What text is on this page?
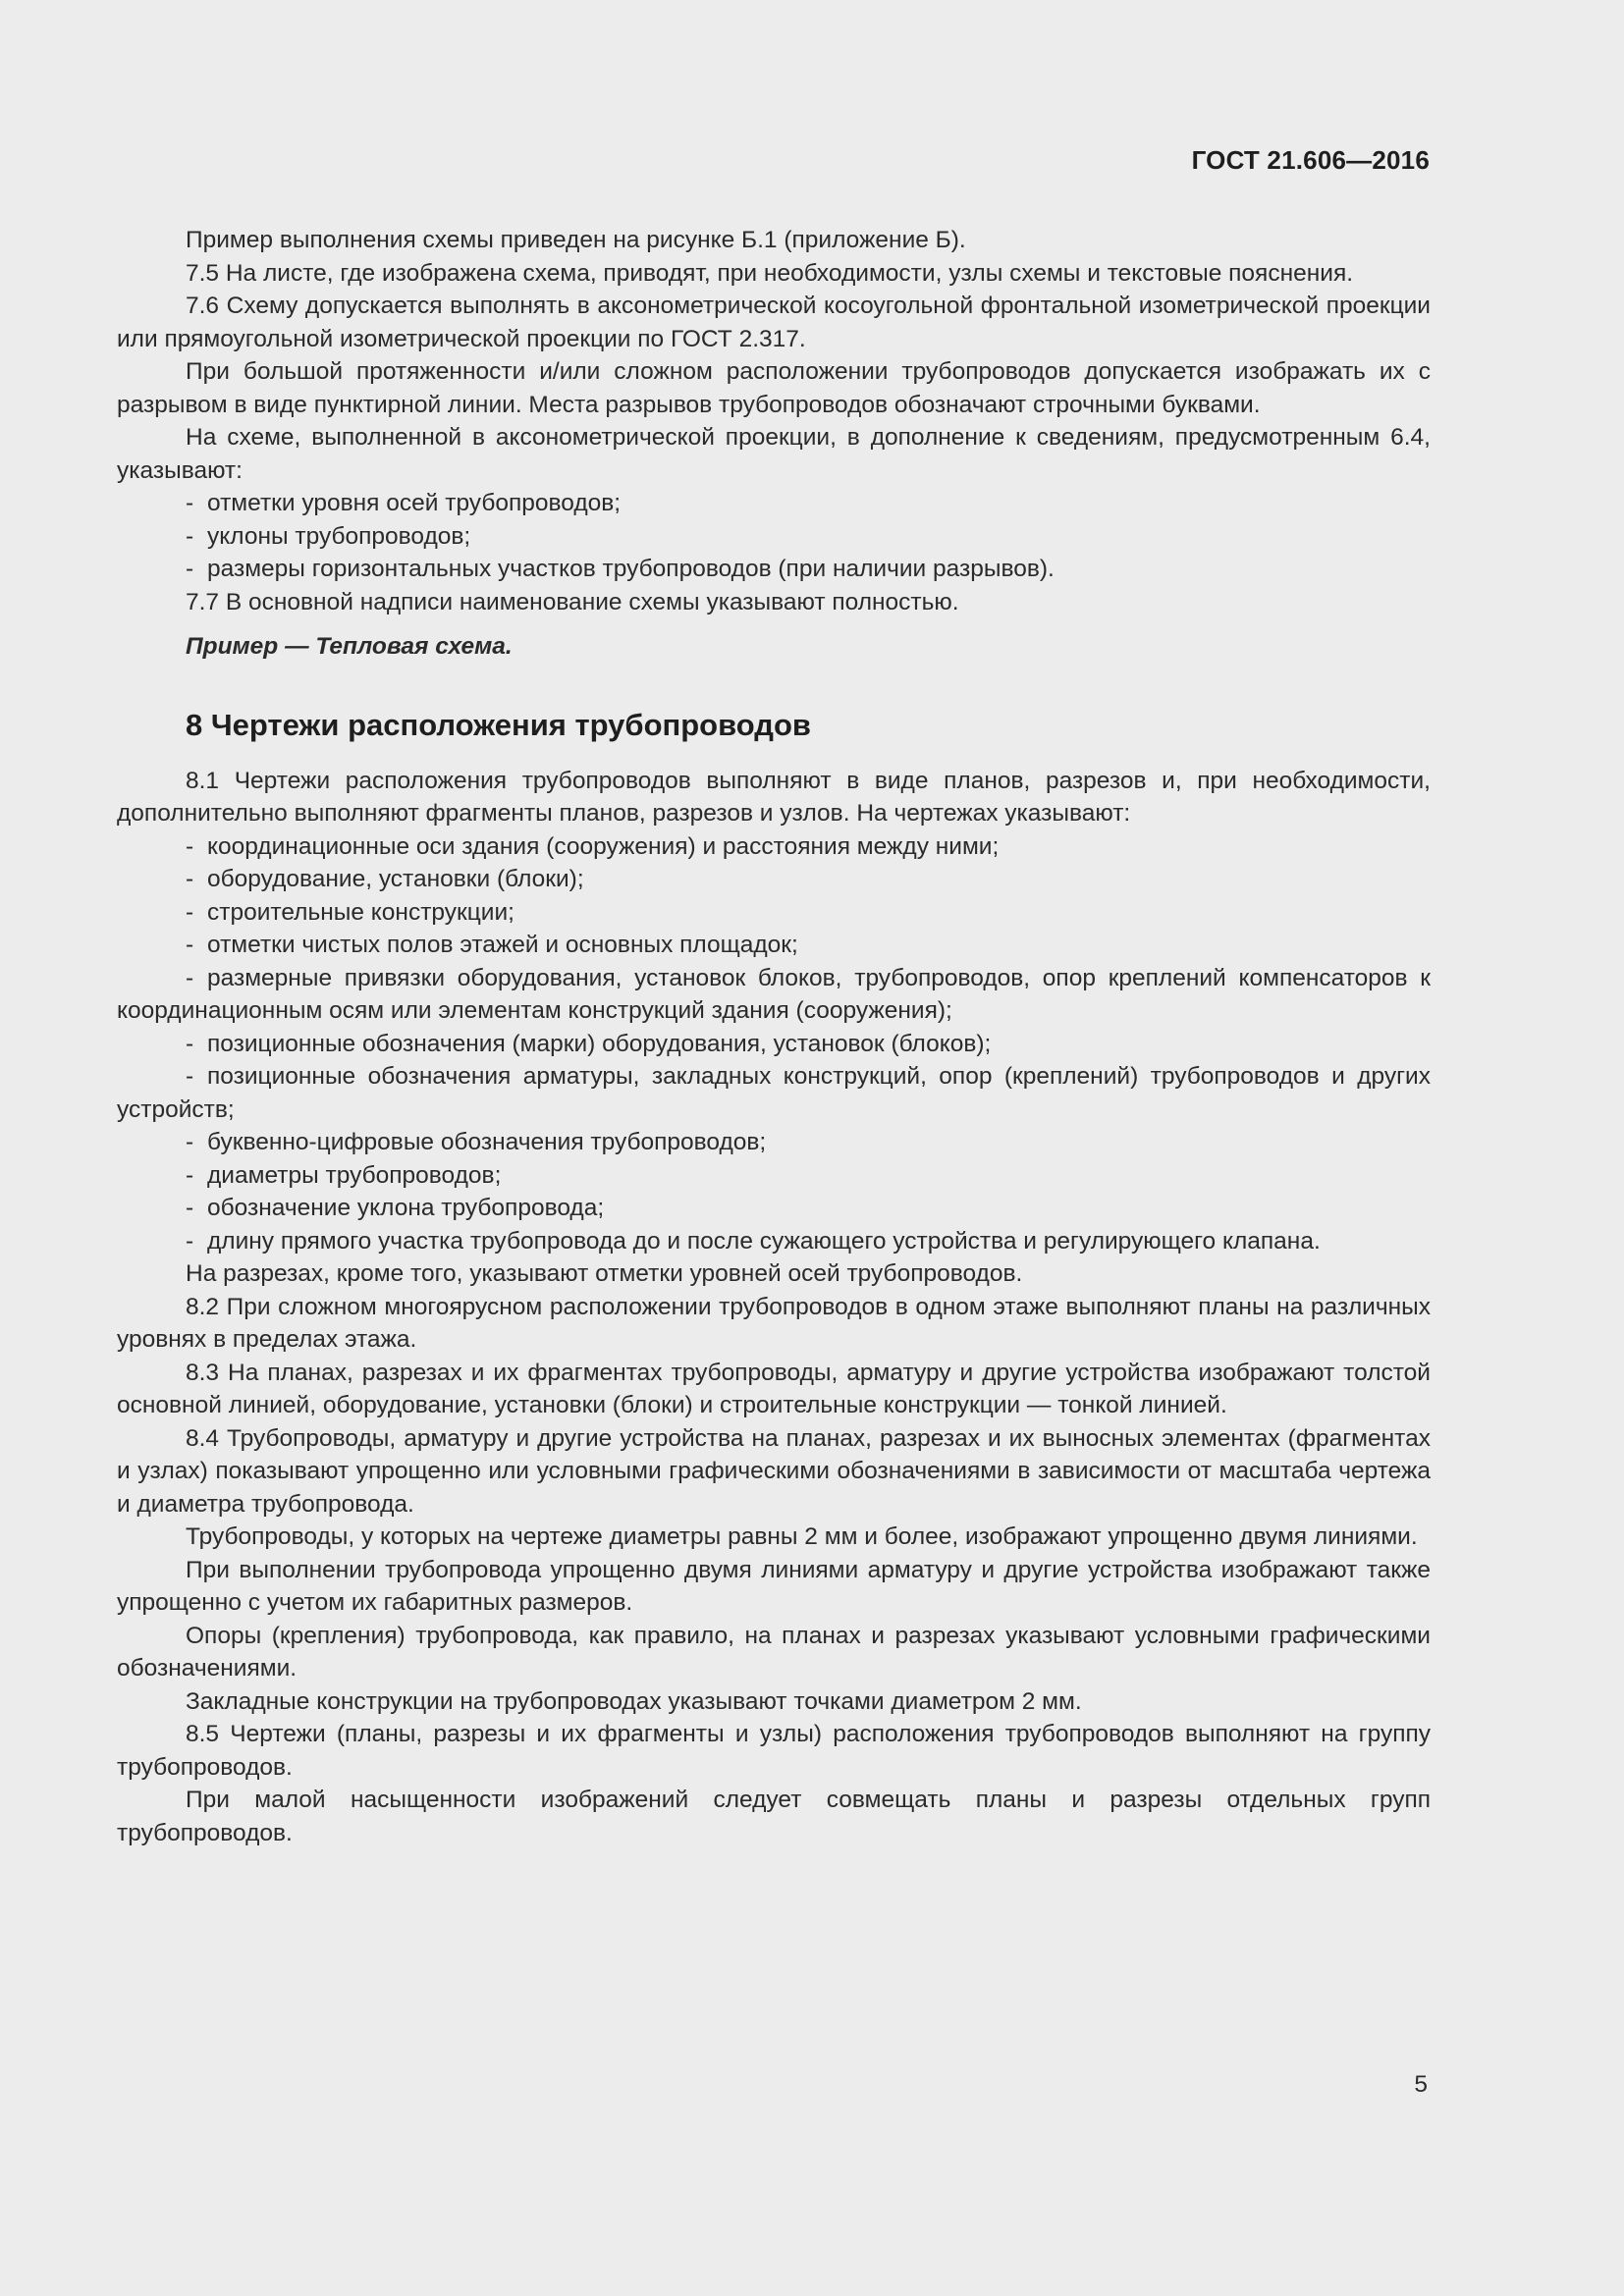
ГОСТ 21.606—2016

Пример выполнения схемы приведен на рисунке Б.1 (приложение Б).

7.5 На листе, где изображена схема, приводят, при необходимости, узлы схемы и текстовые пояснения.

7.6 Схему допускается выполнять в аксонометрической косоугольной фронтальной изометрической проекции или прямоугольной изометрической проекции по ГОСТ 2.317.

При большой протяженности и/или сложном расположении трубопроводов допускается изображать их с разрывом в виде пунктирной линии. Места разрывов трубопроводов обозначают строчными буквами.

На схеме, выполненной в аксонометрической проекции, в дополнение к сведениям, предусмотренным 6.4, указывают:

- отметки уровня осей трубопроводов;

- уклоны трубопроводов;

- размеры горизонтальных участков трубопроводов (при наличии разрывов).

7.7 В основной надписи наименование схемы указывают полностью.

Пример — Тепловая схема.

8 Чертежи расположения трубопроводов

8.1 Чертежи расположения трубопроводов выполняют в виде планов, разрезов и, при необходимости, дополнительно выполняют фрагменты планов, разрезов и узлов. На чертежах указывают:

- координационные оси здания (сооружения) и расстояния между ними;

- оборудование, установки (блоки);

- строительные конструкции;

- отметки чистых полов этажей и основных площадок;

- размерные привязки оборудования, установок блоков, трубопроводов, опор креплений компенсаторов к координационным осям или элементам конструкций здания (сооружения);

- позиционные обозначения (марки) оборудования, установок (блоков);

- позиционные обозначения арматуры, закладных конструкций, опор (креплений) трубопроводов и других устройств;

- буквенно-цифровые обозначения трубопроводов;

- диаметры трубопроводов;

- обозначение уклона трубопровода;

- длину прямого участка трубопровода до и после сужающего устройства и регулирующего клапана.

На разрезах, кроме того, указывают отметки уровней осей трубопроводов.

8.2 При сложном многоярусном расположении трубопроводов в одном этаже выполняют планы на различных уровнях в пределах этажа.

8.3 На планах, разрезах и их фрагментах трубопроводы, арматуру и другие устройства изображают толстой основной линией, оборудование, установки (блоки) и строительные конструкции — тонкой линией.

8.4 Трубопроводы, арматуру и другие устройства на планах, разрезах и их выносных элементах (фрагментах и узлах) показывают упрощенно или условными графическими обозначениями в зависимости от масштаба чертежа и диаметра трубопровода.

Трубопроводы, у которых на чертеже диаметры равны 2 мм и более, изображают упрощенно двумя линиями.

При выполнении трубопровода упрощенно двумя линиями арматуру и другие устройства изображают также упрощенно с учетом их габаритных размеров.

Опоры (крепления) трубопровода, как правило, на планах и разрезах указывают условными графическими обозначениями.

Закладные конструкции на трубопроводах указывают точками диаметром 2 мм.

8.5 Чертежи (планы, разрезы и их фрагменты и узлы) расположения трубопроводов выполняют на группу трубопроводов.

При малой насыщенности изображений следует совмещать планы и разрезы отдельных групп трубопроводов.

5
